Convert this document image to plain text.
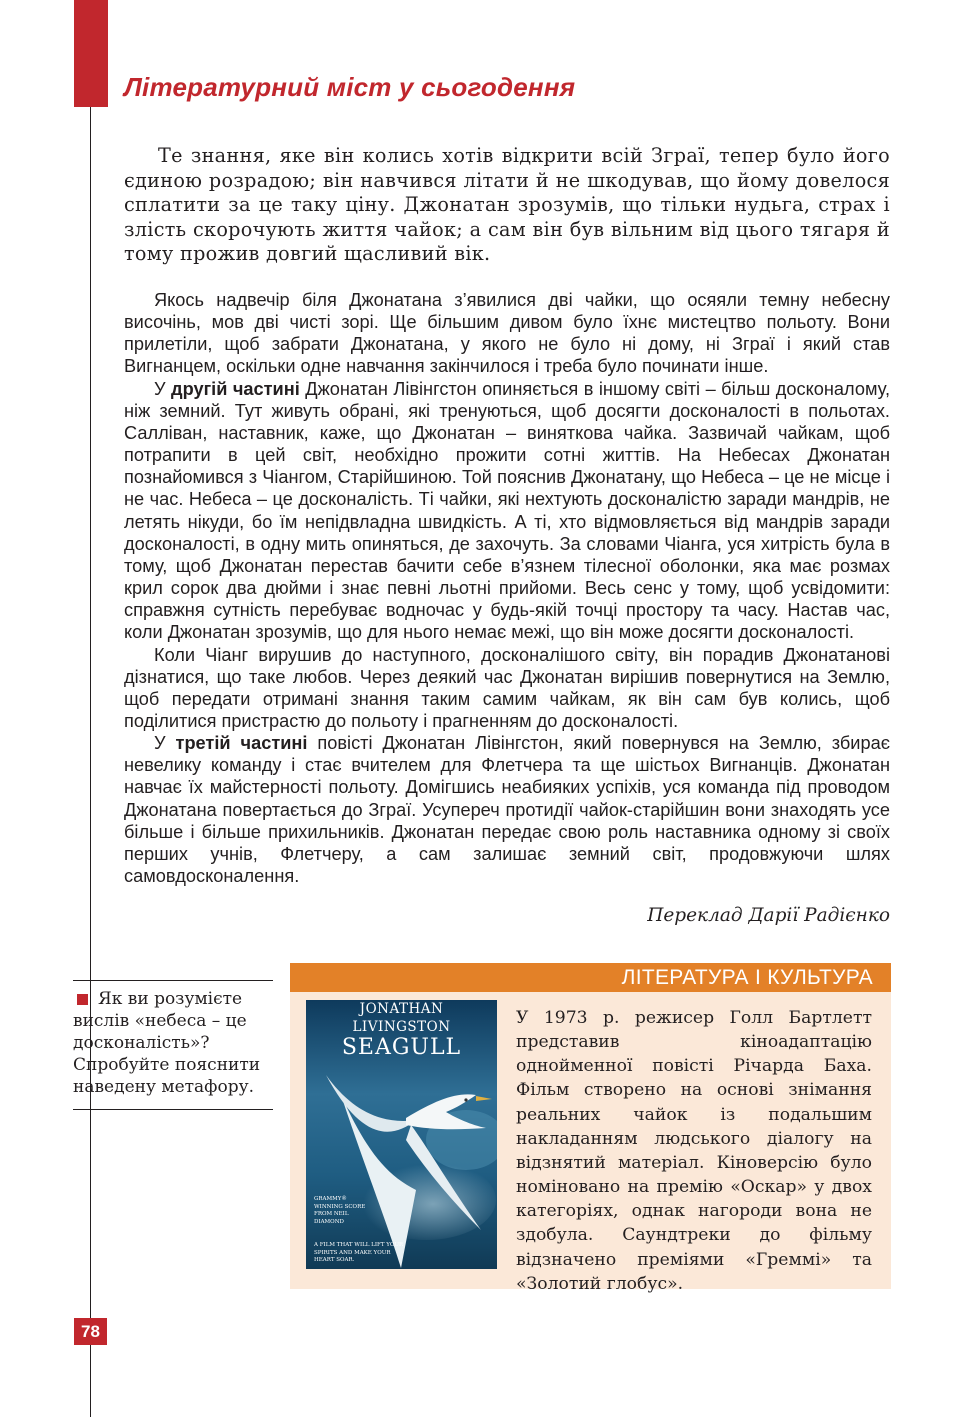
Літературний міст у сьогодення

Те знання, яке він колись хотів відкрити всій Зграї, тепер було його єдиною розрадою; він навчився літати й не шкодував, що йому довелося сплатити за це таку ціну. Джонатан зрозумів, що тільки нудьга, страх і злість скорочують життя чайок; а сам він був вільним від цього тягаря й тому прожив довгий щасливий вік.

Якось надвечір біля Джонатана з’явилися дві чайки, що осяяли темну небесну височінь, мов дві чисті зорі. Ще більшим дивом було їхнє мистецтво польоту. Вони прилетіли, щоб забрати Джонатана, у якого не було ні дому, ні Зграї і який став Вигнанцем, оскільки одне навчання закінчилося і треба було починати інше.

У другій частині Джонатан Лівінгстон опиняється в іншому світі – більш досконалому, ніж земний. Тут живуть обрані, які тренуються, щоб досягти досконалості в польотах. Салліван, наставник, каже, що Джонатан – виняткова чайка. Зазвичай чайкам, щоб потрапити в цей світ, необхідно прожити сотні життів. На Небесах Джонатан познайомився з Чіангом, Старійшиною. Той пояснив Джонатану, що Небеса – це не місце і не час. Небеса – це досконалість. Ті чайки, які нехтують досконалістю заради мандрів, не летять нікуди, бо їм непідвладна швидкість. А ті, хто відмовляється від мандрів заради досконалості, в одну мить опиняться, де захочуть. За словами Чіанга, уся хитрість була в тому, щоб Джонатан перестав бачити себе в’язнем тілесної оболонки, яка має розмах крил сорок два дюйми і знає певні льотні прийоми. Весь сенс у тому, щоб усвідомити: справжня сутність перебуває водночас у будь-якій точці простору та часу. Настав час, коли Джонатан зрозумів, що для нього немає межі, що він може досягти досконалості.

Коли Чіанг вирушив до наступного, досконалішого світу, він порадив Джонатанові дізнатися, що таке любов. Через деякий час Джонатан вирішив повернутися на Землю, щоб передати отримані знання таким самим чайкам, як він сам був колись, щоб поділитися пристрастю до польоту і прагненням до досконалості.

У третій частині повісті Джонатан Лівінгстон, який повернувся на Землю, збирає невелику команду і стає вчителем для Флетчера та ще шістьох Вигнанців. Джонатан навчає їх майстерності польоту. Домігшись неабияких успіхів, уся команда під проводом Джонатана повертається до Зграї. Усупереч протидії чайок-старійшин вони знаходять усе більше і більше прихильників. Джонатан передає свою роль наставника одному зі своїх перших учнів, Флетчеру, а сам залишає земний світ, продовжуючи шлях самовдосконалення.

Переклад Дарії Радієнко
Як ви розумієте вислів «небеса – це досконалість»? Спробуйте пояснити наведену метафору.
ЛІТЕРАТУРА І КУЛЬТУРА
JONATHAN
LIVINGSTON
SEAGULL
GRAMMY® WINNING SCORE FROM NEIL DIAMOND
A FILM THAT WILL LIFT YOUR SPIRITS AND MAKE YOUR HEART SOAR.
У 1973 р. режисер Голл Бартлетт представив кіноадаптацію однойменної повісті Річарда Баха. Фільм створено на основі знімання реальних чайок із подальшим накладанням людського діалогу на відзнятий матеріал. Кіноверсію було номіновано на премію «Оскар» у двох категоріях, однак нагороди вона не здобула. Саундтреки до фільму відзначено преміями «Греммі» та «Золотий глобус».
78
